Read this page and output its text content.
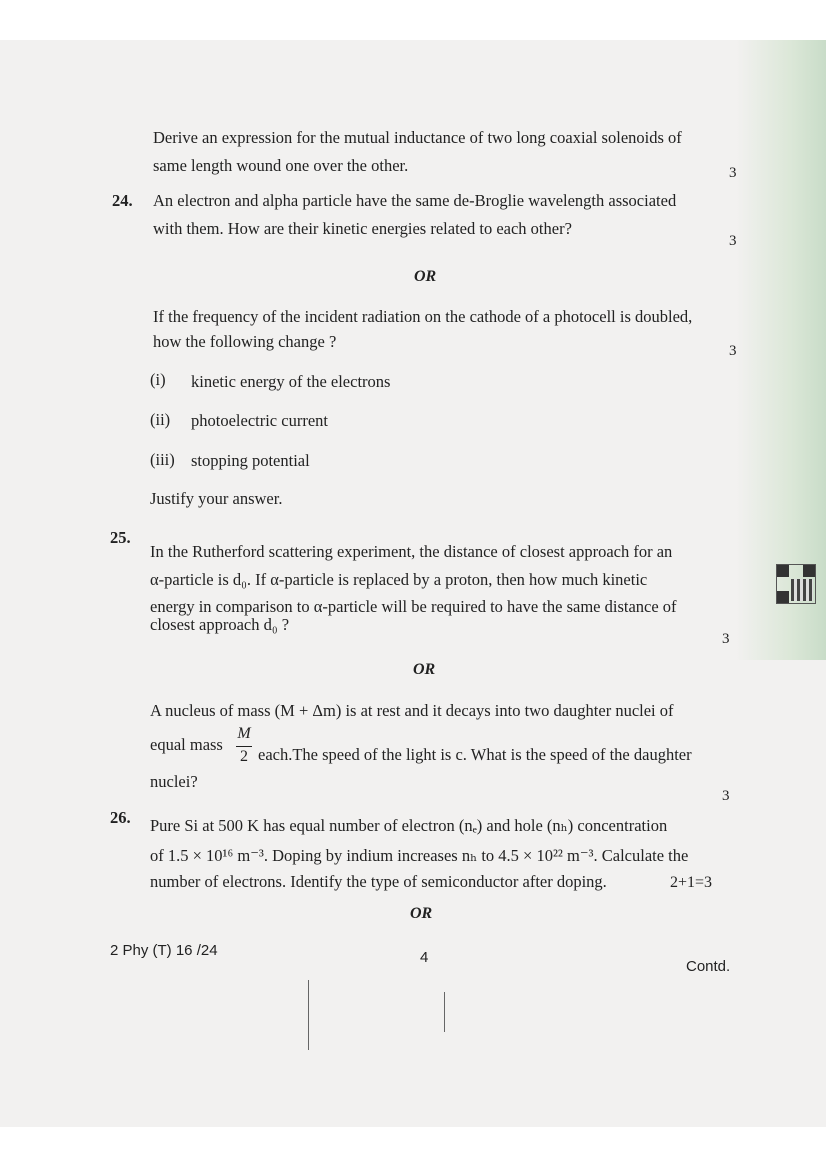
Derive an expression for the mutual inductance of two long coaxial solenoids of
same length wound one over the other.	3
24. An electron and alpha particle have the same de-Broglie wavelength associated
with them. How are their kinetic energies related to each other?
3
OR
If the frequency of the incident radiation on the cathode of a photocell is doubled,
how the following change ?	3
(i) kinetic energy of the electrons
(ii) photoelectric current
(iii) stopping potential
Justify your answer.
25.
In the Rutherford scattering experiment, the distance of closest approach for an
α-particle is d₀. If α-particle is replaced by a proton, then how much kinetic
energy in comparison to α-particle will be required to have the same distance of
closest approach d₀ ?
3
OR
A nucleus of mass (M + Δm) is at rest and it decays into two daughter nuclei of
equal mass
M
2 each.The speed of the light is c. What is the speed of the daughter
nuclei?
3
26. Pure Si at 500 K has equal number of electron (nₑ) and hole (nₕ) concentration
of 1.5 × 10¹⁶ m⁻³. Doping by indium increases nₕ to 4.5 × 10²² m⁻³. Calculate the
number of electrons. Identify the type of semiconductor after doping.	2+1=3
OR
2 Phy (T) 16 /24	4
Contd.
